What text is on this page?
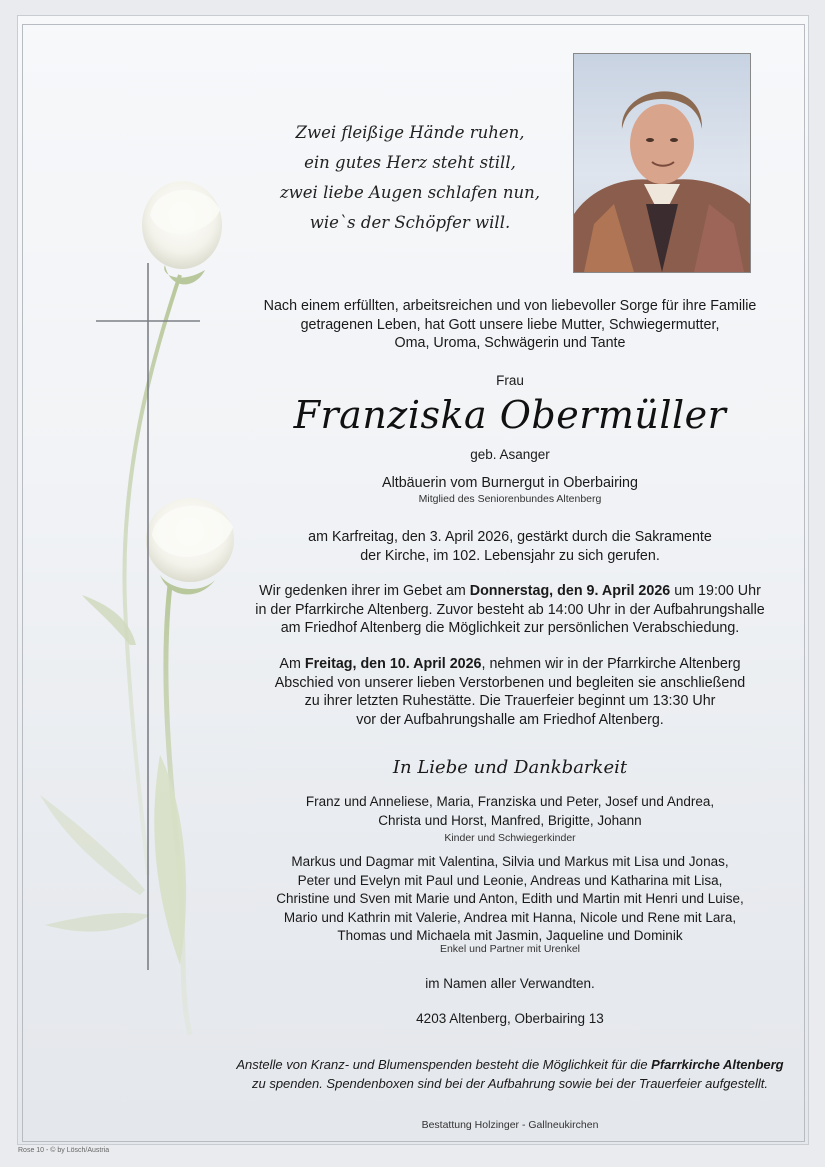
Zwei fleißige Hände ruhen,
ein gutes Herz steht still,
zwei liebe Augen schlafen nun,
wie`s der Schöpfer will.
Nach einem erfüllten, arbeitsreichen und von liebevoller Sorge für ihre Familie
getragenen Leben, hat Gott unsere liebe Mutter, Schwiegermutter,
Oma, Uroma, Schwägerin und Tante
Frau
Franziska Obermüller
geb. Asanger
Altbäuerin vom Burnergut in Oberbairing
Mitglied des Seniorenbundes Altenberg
am Karfreitag, den 3. April 2026, gestärkt durch die Sakramente
der Kirche, im 102. Lebensjahr zu sich gerufen.
Wir gedenken ihrer im Gebet am Donnerstag, den 9. April 2026 um 19:00 Uhr
in der Pfarrkirche Altenberg. Zuvor besteht ab 14:00 Uhr in der Aufbahrungshalle
am Friedhof Altenberg die Möglichkeit zur persönlichen Verabschiedung.
Am Freitag, den 10. April 2026, nehmen wir in der Pfarrkirche Altenberg
Abschied von unserer lieben Verstorbenen und begleiten sie anschließend
zu ihrer letzten Ruhestätte. Die Trauerfeier beginnt um 13:30 Uhr
vor der Aufbahrungshalle am Friedhof Altenberg.
In Liebe und Dankbarkeit
Franz und Anneliese, Maria, Franziska und Peter, Josef und Andrea,
Christa und Horst, Manfred, Brigitte, Johann
Kinder und Schwiegerkinder
Markus und Dagmar mit Valentina, Silvia und Markus mit Lisa und Jonas,
Peter und Evelyn mit Paul und Leonie, Andreas und Katharina mit Lisa,
Christine und Sven mit Marie und Anton, Edith und Martin mit Henri und Luise,
Mario und Kathrin mit Valerie, Andrea mit Hanna, Nicole und Rene mit Lara,
Thomas und Michaela mit Jasmin, Jaqueline und Dominik
Enkel und Partner mit Urenkel
im Namen aller Verwandten.
4203 Altenberg, Oberbairing 13
Anstelle von Kranz- und Blumenspenden besteht die Möglichkeit für die Pfarrkirche Altenberg
zu spenden. Spendenboxen sind bei der Aufbahrung sowie bei der Trauerfeier aufgestellt.
Bestattung Holzinger - Gallneukirchen
Rose 10 - © by Lösch/Austria
